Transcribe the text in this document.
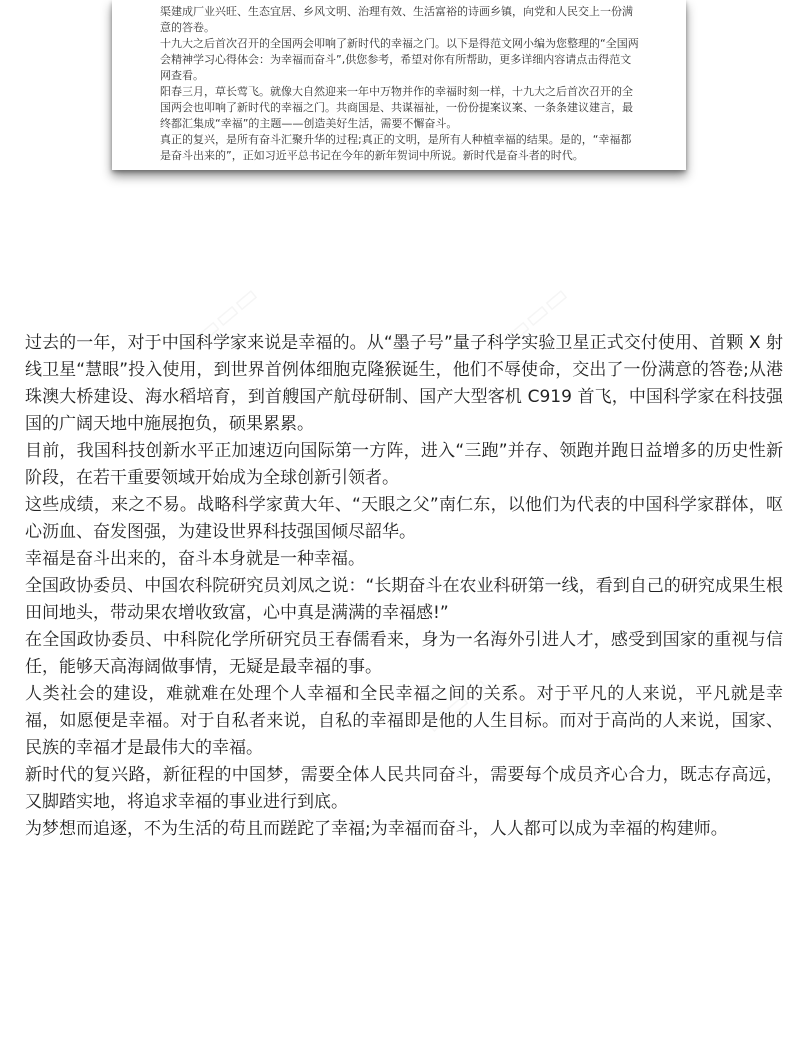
渠建成厂业兴旺、生态宜居、乡风文明、治理有效、生活富裕的诗画乡镇，向党和人民交上一份满意的答卷。

十九大之后首次召开的全国两会叩响了新时代的幸福之门。以下是得范文网小编为您整理的“全国两会精神学习心得体会：为幸福而奋斗”,供您参考，希望对你有所帮助，更多详细内容请点击得范文网查看。

阳春三月，草长莺飞。就像大自然迎来一年中万物并作的幸福时刻一样，十九大之后首次召开的全国两会也叩响了新时代的幸福之门。共商国是、共谋福祉，一份份提案议案、一条条建议建言，最终都汇集成“幸福”的主题——创造美好生活，需要不懈奋斗。

真正的复兴，是所有奋斗汇聚升华的过程;真正的文明，是所有人种植幸福的结果。是的，“幸福都是奋斗出来的”，正如习近平总书记在今年的新年贺词中所说。新时代是奋斗者的时代。

▭▭▭	▭▭▭
▭▭▭

过去的一年，对于中国科学家来说是幸福的。从“墨子号”量子科学实验卫星正式交付使用、首颗 X 射线卫星“慧眼”投入使用，到世界首例体细胞克隆猴诞生，他们不辱使命，交出了一份满意的答卷;从港珠澳大桥建设、海水稻培育，到首艘国产航母研制、国产大型客机 C919 首飞，中国科学家在科技强国的广阔天地中施展抱负，硕果累累。

目前，我国科技创新水平正加速迈向国际第一方阵，进入“三跑”并存、领跑并跑日益增多的历史性新阶段，在若干重要领域开始成为全球创新引领者。

这些成绩，来之不易。战略科学家黄大年、“天眼之父”南仁东，以他们为代表的中国科学家群体，呕心沥血、奋发图强，为建设世界科技强国倾尽韶华。

幸福是奋斗出来的，奋斗本身就是一种幸福。

全国政协委员、中国农科院研究员刘凤之说：“长期奋斗在农业科研第一线，看到自己的研究成果生根田间地头，带动果农增收致富，心中真是满满的幸福感!”

在全国政协委员、中科院化学所研究员王春儒看来，身为一名海外引进人才，感受到国家的重视与信任，能够天高海阔做事情，无疑是最幸福的事。

人类社会的建设，难就难在处理个人幸福和全民幸福之间的关系。对于平凡的人来说，平凡就是幸福，如愿便是幸福。对于自私者来说，自私的幸福即是他的人生目标。而对于高尚的人来说，国家、民族的幸福才是最伟大的幸福。

新时代的复兴路，新征程的中国梦，需要全体人民共同奋斗，需要每个成员齐心合力，既志存高远，又脚踏实地，将追求幸福的事业进行到底。

为梦想而追逐，不为生活的苟且而蹉跎了幸福;为幸福而奋斗，人人都可以成为幸福的构建师。
